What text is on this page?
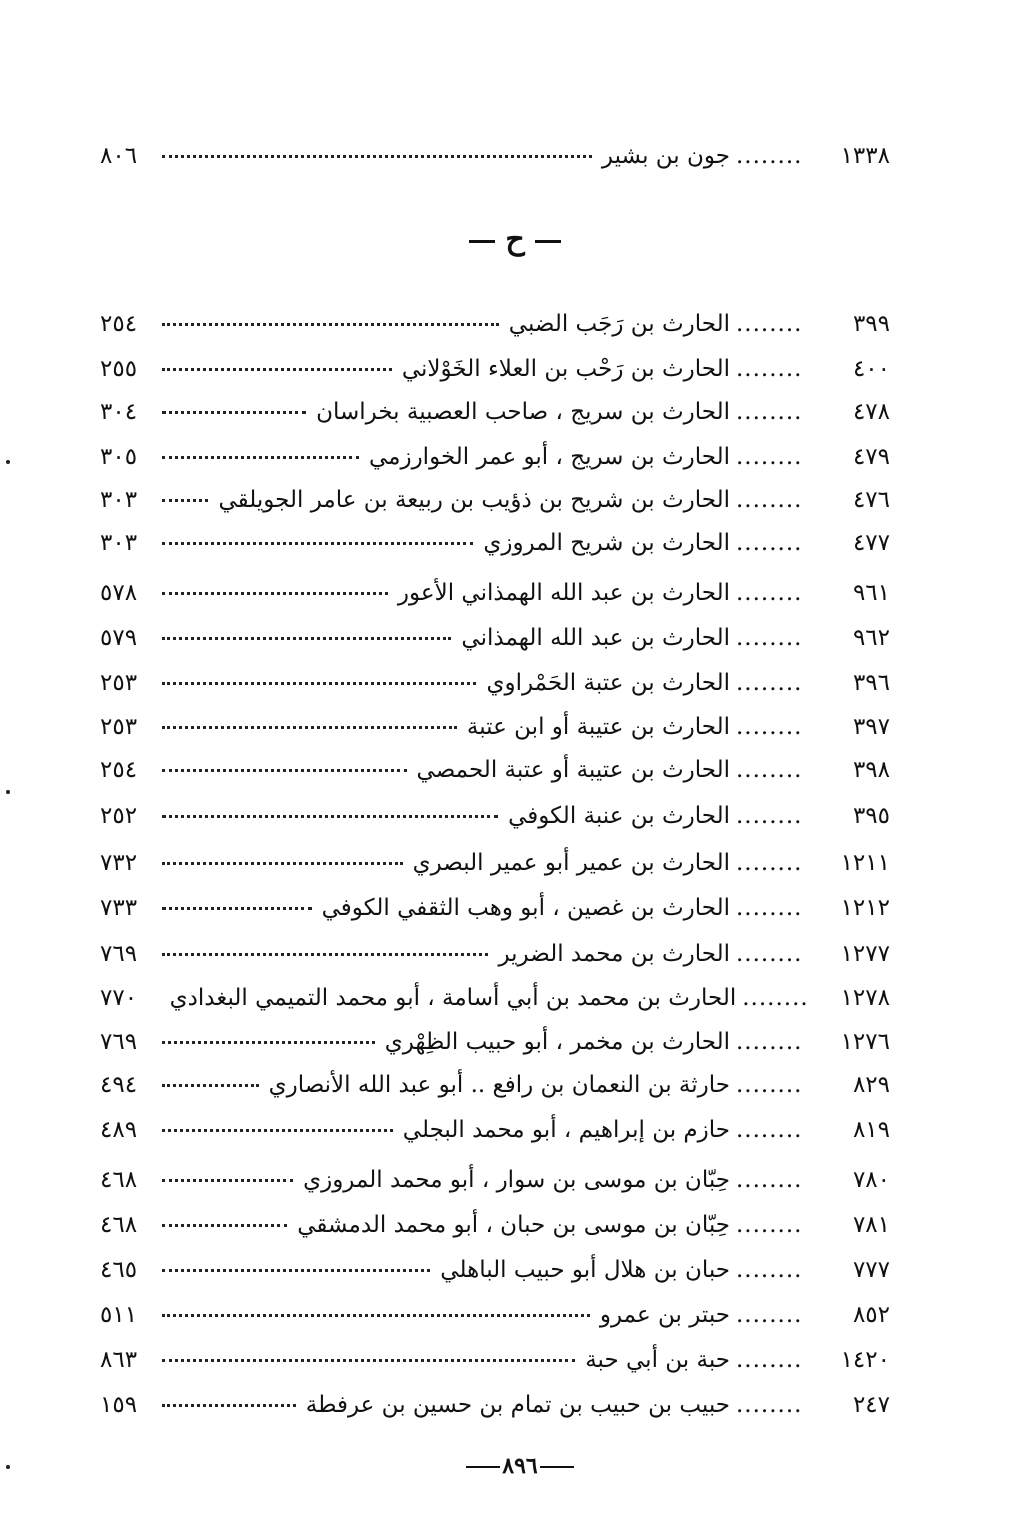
١٣٣٨
........
جون بن بشير
٨٠٦
ح
٣٩٩
........
الحارث بن رَجَب الضبي
٢٥٤
٤٠٠
........
الحارث بن رَحْب بن العلاء الخَوْلاني
٢٥٥
٤٧٨
........
الحارث بن سريج ، صاحب العصبية بخراسان
٣٠٤
٤٧٩
........
الحارث بن سريج ، أبو عمر الخوارزمي
٣٠٥
٤٧٦
........
الحارث بن شريح بن ذؤيب بن ربيعة بن عامر الجويلقي
٣٠٣
٤٧٧
........
الحارث بن شريح المروزي
٣٠٣
٩٦١
........
الحارث بن عبد الله الهمذاني الأعور
٥٧٨
٩٦٢
........
الحارث بن عبد الله الهمذاني
٥٧٩
٣٩٦
........
الحارث بن عتبة الحَمْراوي
٢٥٣
٣٩٧
........
الحارث بن عتيبة أو ابن عتبة
٢٥٣
٣٩٨
........
الحارث بن عتيبة أو عتبة الحمصي
٢٥٤
٣٩٥
........
الحارث بن عنبة الكوفي
٢٥٢
١٢١١
........
الحارث بن عمير أبو عمير البصري
٧٣٢
١٢١٢
........
الحارث بن غصين ، أبو وهب الثقفي الكوفي
٧٣٣
١٢٧٧
........
الحارث بن محمد الضرير
٧٦٩
١٢٧٨
........
الحارث بن محمد بن أبي أسامة ، أبو محمد التميمي البغدادي
٧٧٠
١٢٧٦
........
الحارث بن مخمر ، أبو حبيب الظِهْري
٧٦٩
٨٢٩
........
حارثة بن النعمان بن رافع .. أبو عبد الله الأنصاري
٤٩٤
٨١٩
........
حازم بن إبراهيم ، أبو محمد البجلي
٤٨٩
٧٨٠
........
حِبّان بن موسى بن سوار ، أبو محمد المروزي
٤٦٨
٧٨١
........
حِبّان بن موسى بن حبان ، أبو محمد الدمشقي
٤٦٨
٧٧٧
........
حبان بن هلال أبو حبيب الباهلي
٤٦٥
٨٥٢
........
حبتر بن عمرو
٥١١
١٤٢٠
........
حبة بن أبي حبة
٨٦٣
٢٤٧
........
حبيب بن حبيب بن تمام بن حسين بن عرفطة
١٥٩
٨٩٦
